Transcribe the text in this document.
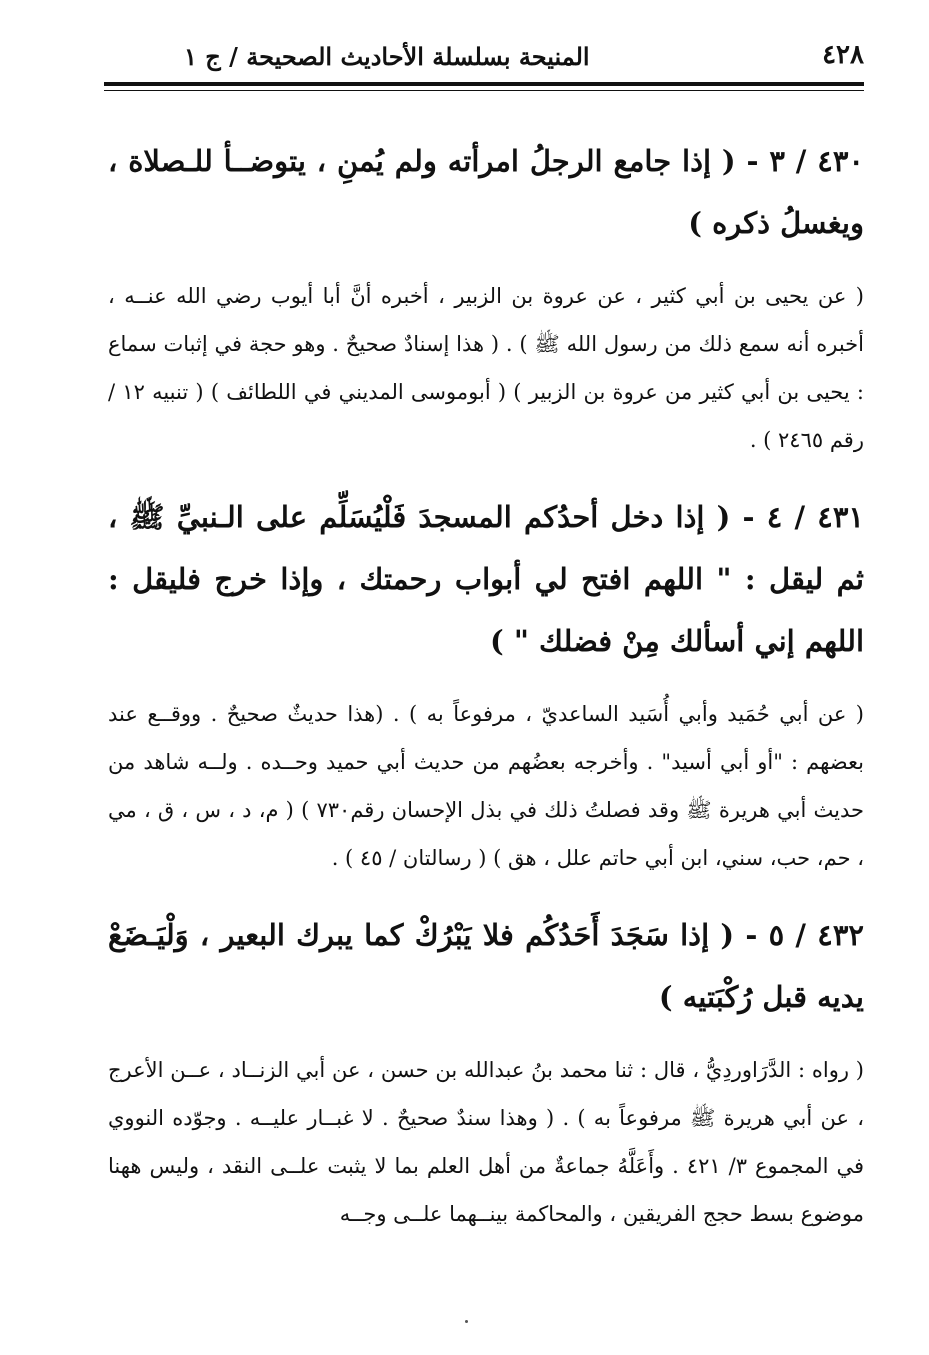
٤٢٨
المنيحة بسلسلة الأحاديث الصحيحة / ج ١

٤٣٠ / ٣ - ( إذا جامع الرجلُ امرأته ولم يُمنِ ، يتوضــأ للـصلاة ، ويغسلُ ذكره )

( عن يحيى بن أبي كثير ، عن عروة بن الزبير ، أخبره أنَّ أبا أيوب رضي الله عنــه ، أخبره أنه سمع ذلك من رسول الله ﷺ ) . ( هذا إسنادٌ صحيحٌ . وهو حجة في إثبات سماع : يحيى بن أبي كثير من عروة بن الزبير ) ( أبوموسى المديني في اللطائف ) ( تنبيه ١٢ / رقم ٢٤٦٥ ) .

٤٣١ / ٤ - ( إذا دخل أحدُكم المسجدَ فَلْيُسَلِّم على الـنبيِّ ﷺ ، ثم ليقل : " اللهم افتح لي أبواب رحمتك ، وإذا خرج فليقل : اللهم إني أسألك مِنْ فضلك " )

( عن أبي حُمَيد وأبي أُسَيد الساعديّ ، مرفوعاً به ) . (هذا حديثٌ صحيحٌ . ووقــع عند بعضهم : "أو أبي أسيد" . وأخرجه بعضُهم من حديث أبي حميد وحــده . ولــه شاهد من حديث أبي هريرة ﷺ وقد فصلتُ ذلك في بذل الإحسان رقم٧٣٠ ) ( م، د ، س ، ق ، مي ، حم، حب، سني، ابن أبي حاتم علل ، هق ) ( رسالتان / ٤٥ ) .

٤٣٢ / ٥ - ( إذا سَجَدَ أَحَدُكُم فلا يَبْرُكْ كما يبرك البعير ، وَلْيَـضَعْ يديه قبل رُكْبَتيه )

( رواه : الدَّرَاوردِيُّ ، قال : ثنا محمد بنُ عبدالله بن حسن ، عن أبي الزنــاد ، عــن الأعرج ، عن أبي هريرة ﷺ مرفوعاً به ) . ( وهذا سندٌ صحيحٌ . لا غبــار عليــه . وجوّده النووي في المجموع ٣/ ٤٢١ . وأَعَلَّهُ جماعةٌ من أهل العلم بما لا يثبت علــى النقد ، وليس ههنا موضوع بسط حجج الفريقين ، والمحاكمة بينــهما علــى وجــه
